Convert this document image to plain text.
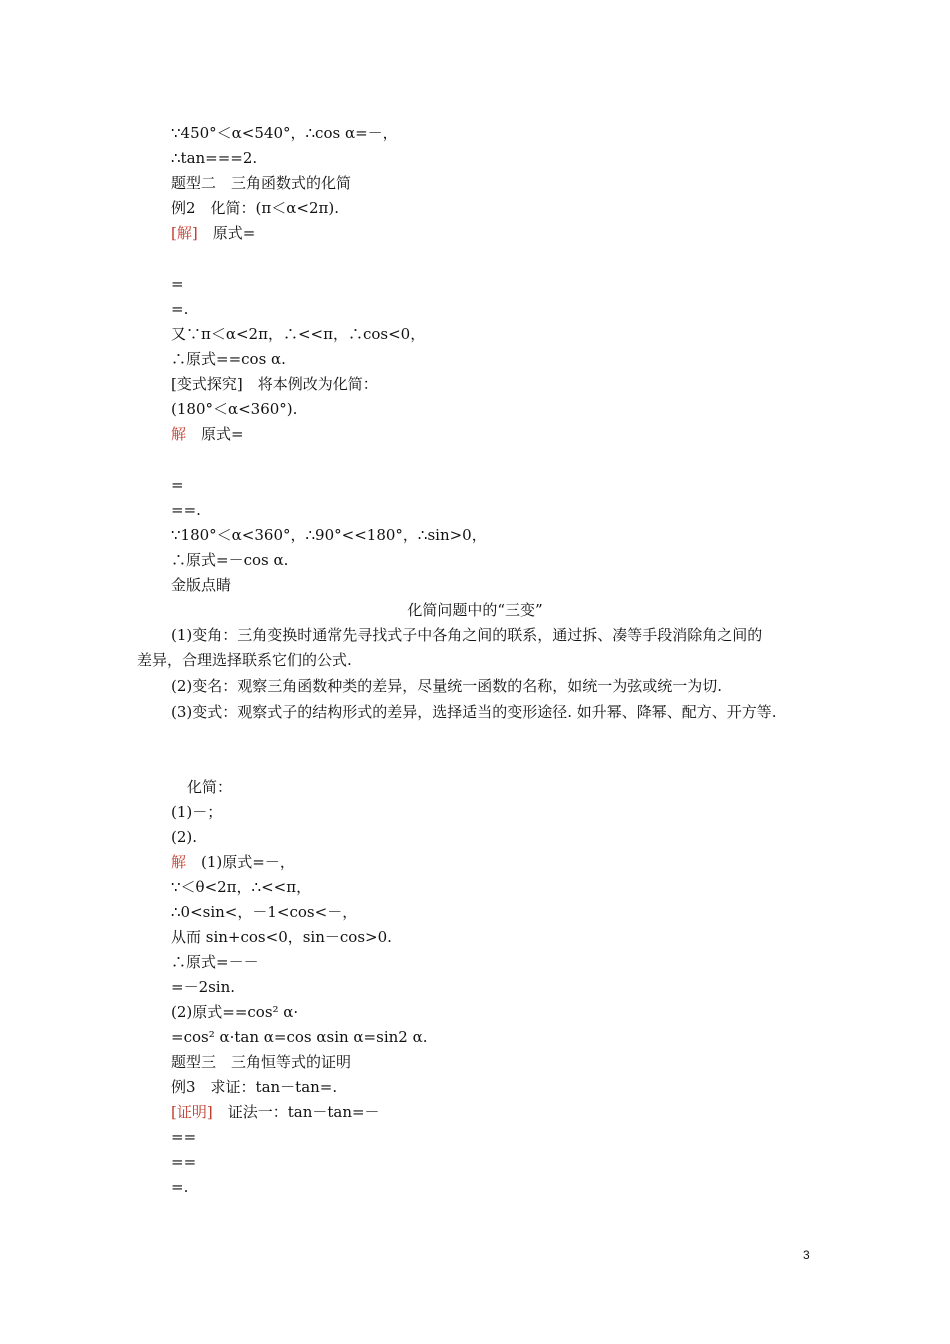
∵450°＜α<540°，∴cos α=－，
∴tan===2.
题型二　三角函数式的化简
例2　化简：(π＜α<2π).
[解]　原式=
=
=.
又∵π＜α<2π，∴<<π，∴cos<0，
∴原式==cos α.
[变式探究]　将本例改为化简：
(180°＜α<360°).
解　原式=
=
==.
∵180°＜α<360°，∴90°<<180°，∴sin>0，
∴原式=－cos α.
金版点睛
化简问题中的“三变”
(1)变角：三角变换时通常先寻找式子中各角之间的联系，通过拆、凑等手段消除角之间的
差异，合理选择联系它们的公式.
(2)变名：观察三角函数种类的差异，尽量统一函数的名称，如统一为弦或统一为切.
(3)变式：观察式子的结构形式的差异，选择适当的变形途径. 如升幂、降幂、配方、开方等.
化简：
(1)－；
(2).
解　(1)原式=－，
∵＜θ<2π，∴<<π，
∴0<sin<，－1<cos<－，
从而 sin+cos<0，sin－cos>0.
∴原式=－－
=－2sin.
(2)原式==cos² α·
=cos² α·tan α=cos αsin α=sin2 α.
题型三　三角恒等式的证明
例3　求证：tan－tan=.
[证明]　证法一：tan－tan=－
==
==
=.
3
